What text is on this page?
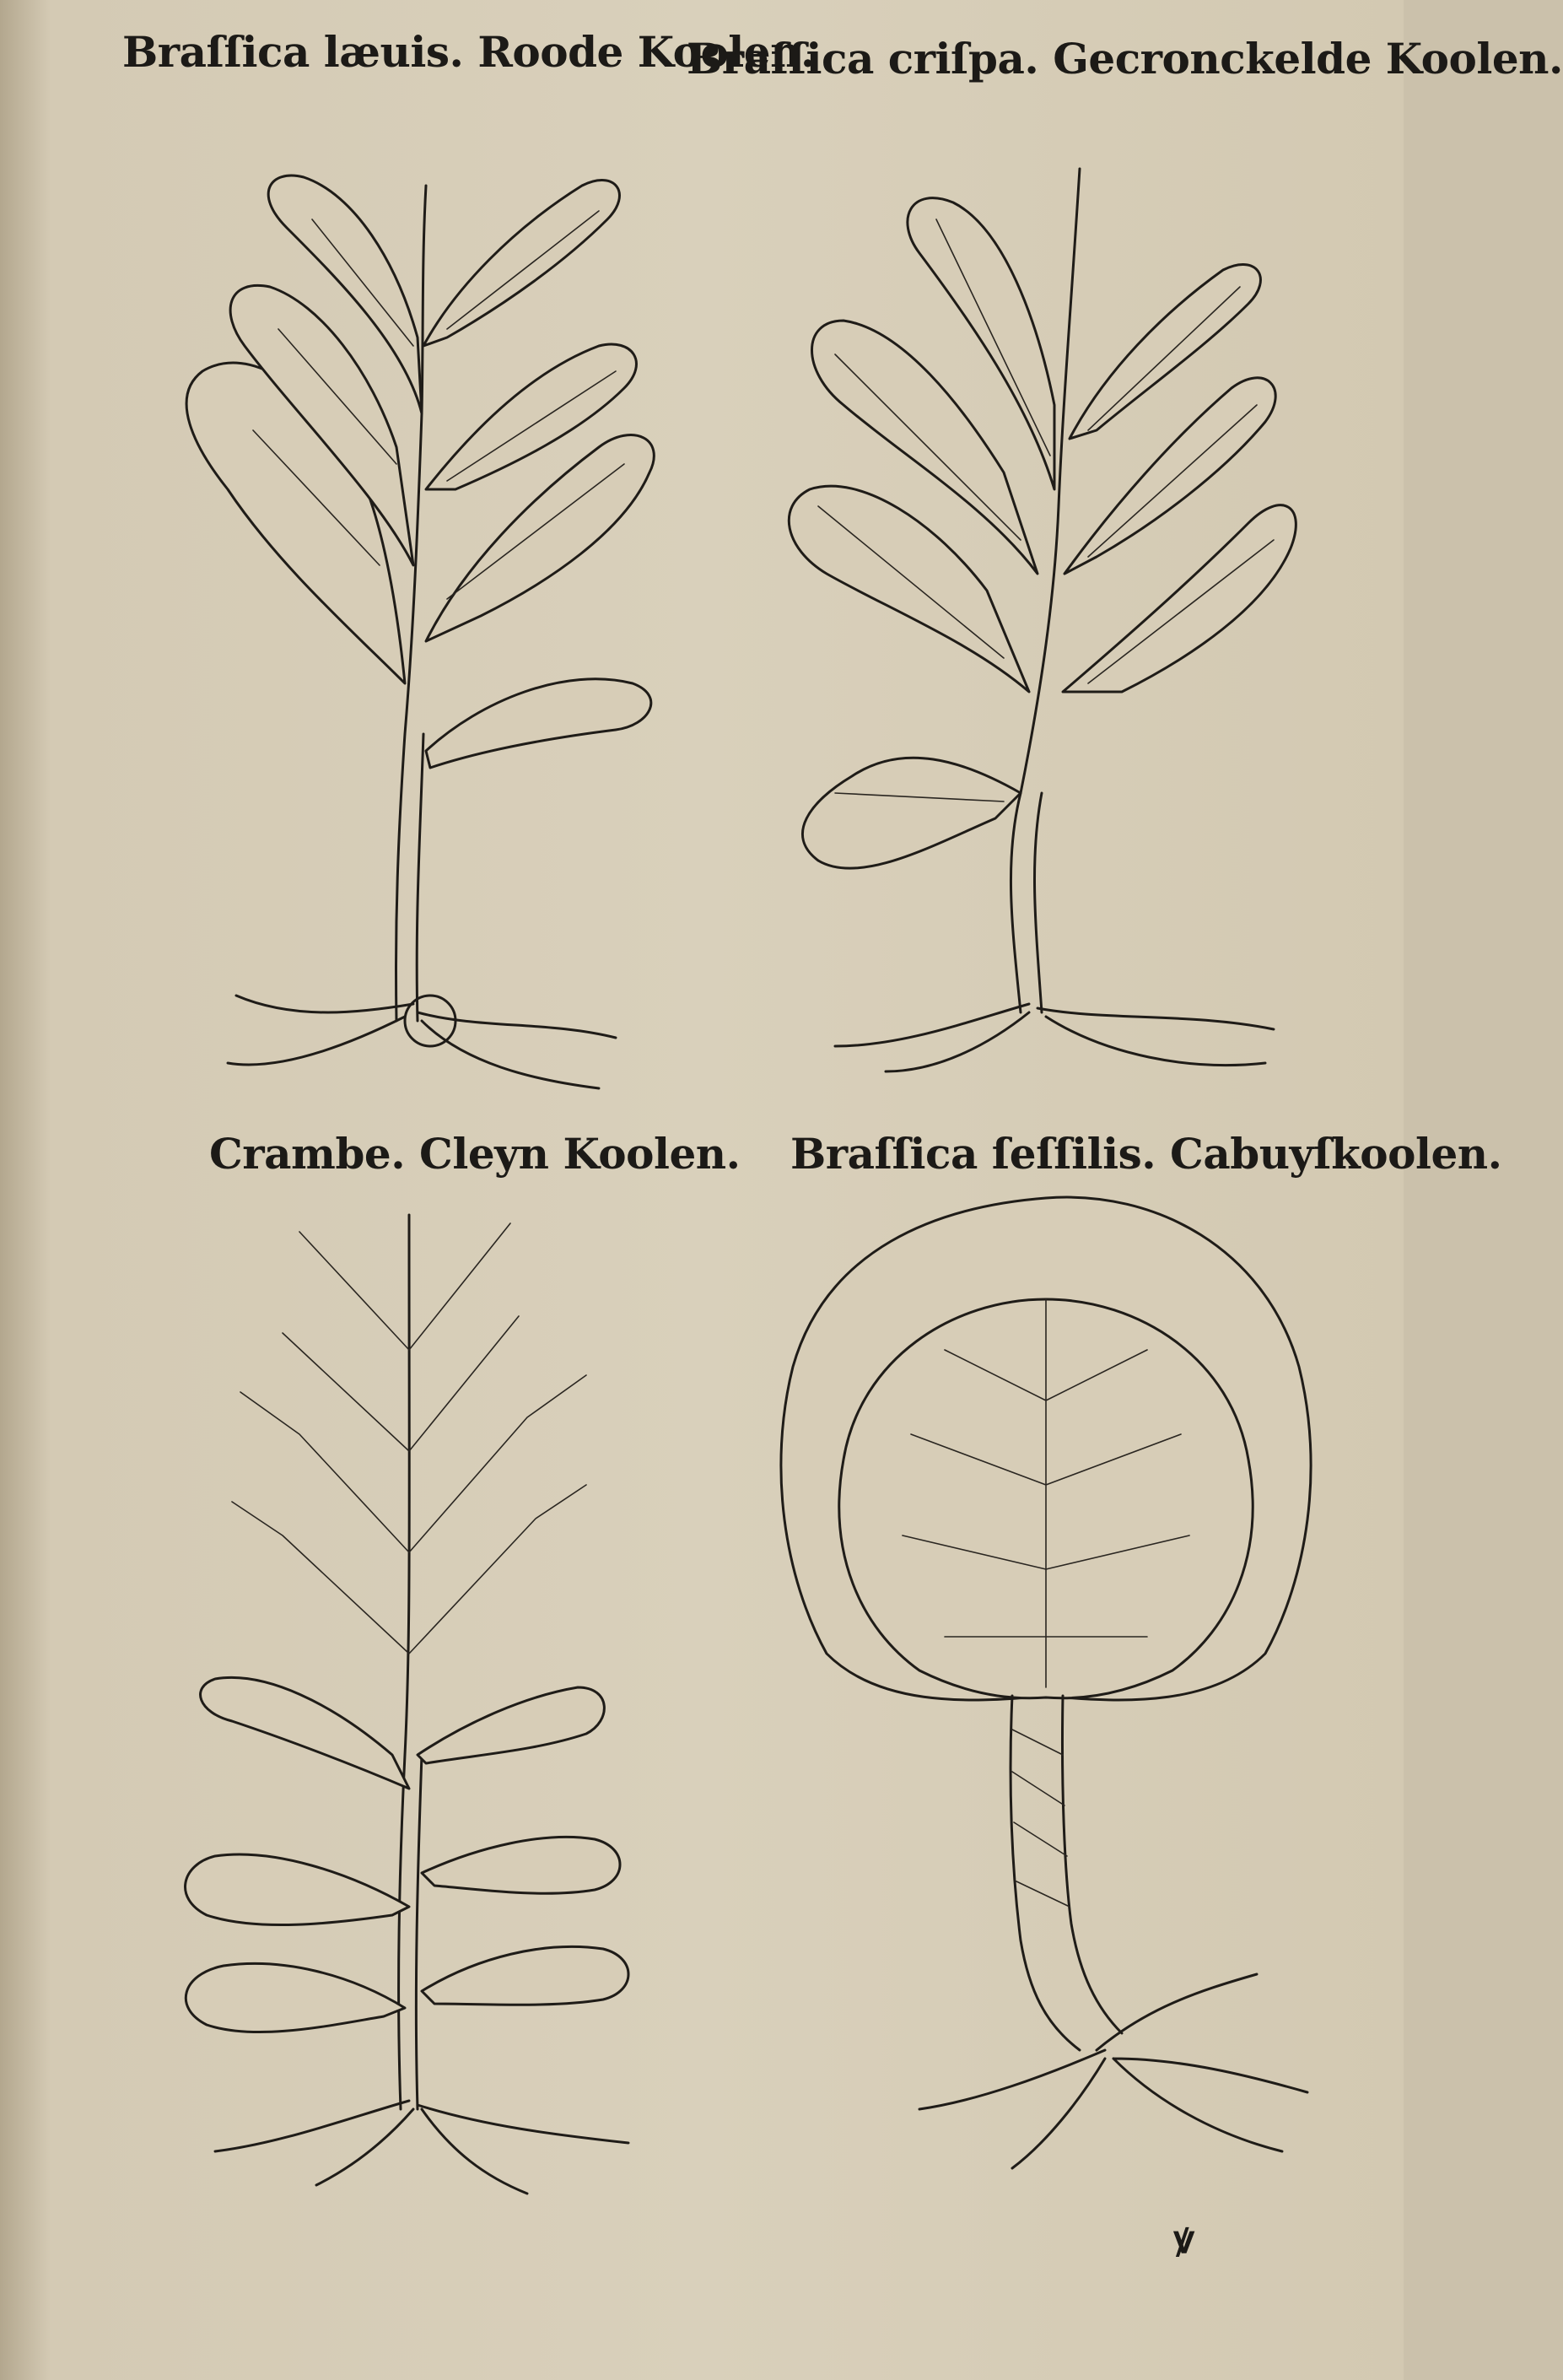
Braſſica læuis. Roode Koolen.
Braſſica criſpa. Gecronckelde Koolen.
Crambe. Cleyn Koolen. Braſſica ſeſſilis. Cabuyſkoolen.

ꝟ
